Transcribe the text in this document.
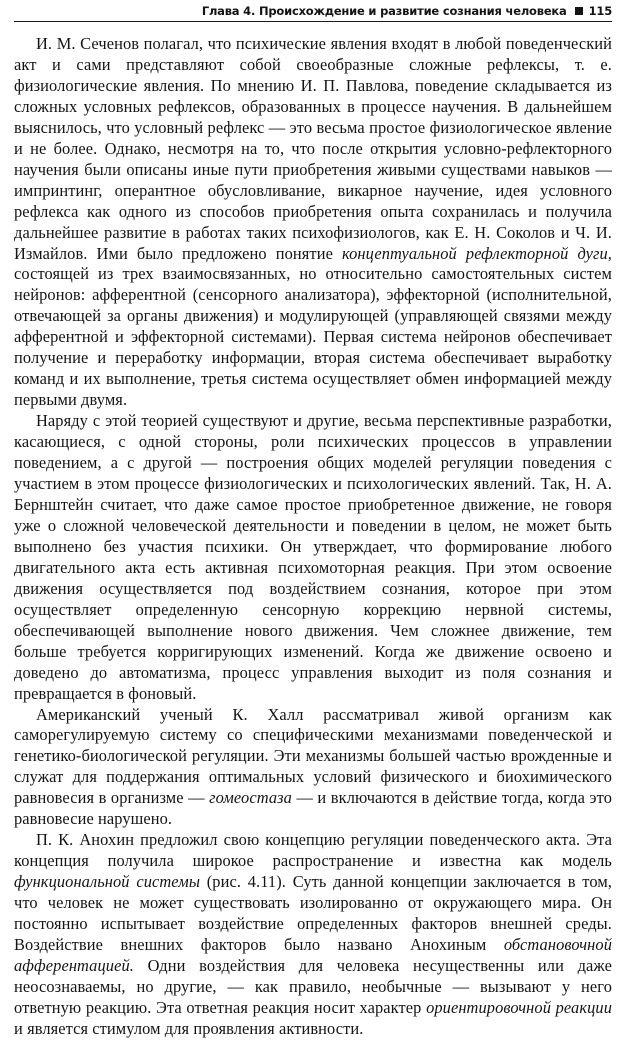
Глава 4. Происхождение и развитие сознания человека 115

И. М. Сеченов полагал, что психические явления входят в любой поведенческий акт и сами представляют собой своеобразные сложные рефлексы, т. е. физиологические явления. По мнению И. П. Павлова, поведение складывается из сложных условных рефлексов, образованных в процессе научения. В дальнейшем выяснилось, что условный рефлекс — это весьма простое физиологическое явление и не более. Однако, несмотря на то, что после открытия условно-рефлекторного научения были описаны иные пути приобретения живыми существами навыков — импринтинг, оперантное обусловливание, викарное научение, идея условного рефлекса как одного из способов приобретения опыта сохранилась и получила дальнейшее развитие в работах таких психофизиологов, как Е. Н. Соколов и Ч. И. Измайлов. Ими было предложено понятие концептуальной рефлекторной дуги, состоящей из трех взаимосвязанных, но относительно самостоятельных систем нейронов: афферентной (сенсорного анализатора), эффекторной (исполнительной, отвечающей за органы движения) и модулирующей (управляющей связями между афферентной и эффекторной системами). Первая система нейронов обеспечивает получение и переработку информации, вторая система обеспечивает выработку команд и их выполнение, третья система осуществляет обмен информацией между первыми двумя.

Наряду с этой теорией существуют и другие, весьма перспективные разработки, касающиеся, с одной стороны, роли психических процессов в управлении поведением, а с другой — построения общих моделей регуляции поведения с участием в этом процессе физиологических и психологических явлений. Так, Н. А. Бернштейн считает, что даже самое простое приобретенное движение, не говоря уже о сложной человеческой деятельности и поведении в целом, не может быть выполнено без участия психики. Он утверждает, что формирование любого двигательного акта есть активная психомоторная реакция. При этом освоение движения осуществляется под воздействием сознания, которое при этом осуществляет определенную сенсорную коррекцию нервной системы, обеспечивающей выполнение нового движения. Чем сложнее движение, тем больше требуется корригирующих изменений. Когда же движение освоено и доведено до автоматизма, процесс управления выходит из поля сознания и превращается в фоновый.

Американский ученый К. Халл рассматривал живой организм как саморегулируемую систему со специфическими механизмами поведенческой и генетико-биологической регуляции. Эти механизмы большей частью врожденные и служат для поддержания оптимальных условий физического и биохимического равновесия в организме — гомеостаза — и включаются в действие тогда, когда это равновесие нарушено.

П. К. Анохин предложил свою концепцию регуляции поведенческого акта. Эта концепция получила широкое распространение и известна как модель функциональной системы (рис. 4.11). Суть данной концепции заключается в том, что человек не может существовать изолированно от окружающего мира. Он постоянно испытывает воздействие определенных факторов внешней среды. Воздействие внешних факторов было названо Анохиным обстановочной афферентацией. Одни воздействия для человека несущественны или даже неосознаваемы, но другие, — как правило, необычные — вызывают у него ответную реакцию. Эта ответная реакция носит характер ориентировочной реакции и является стимулом для проявления активности.
